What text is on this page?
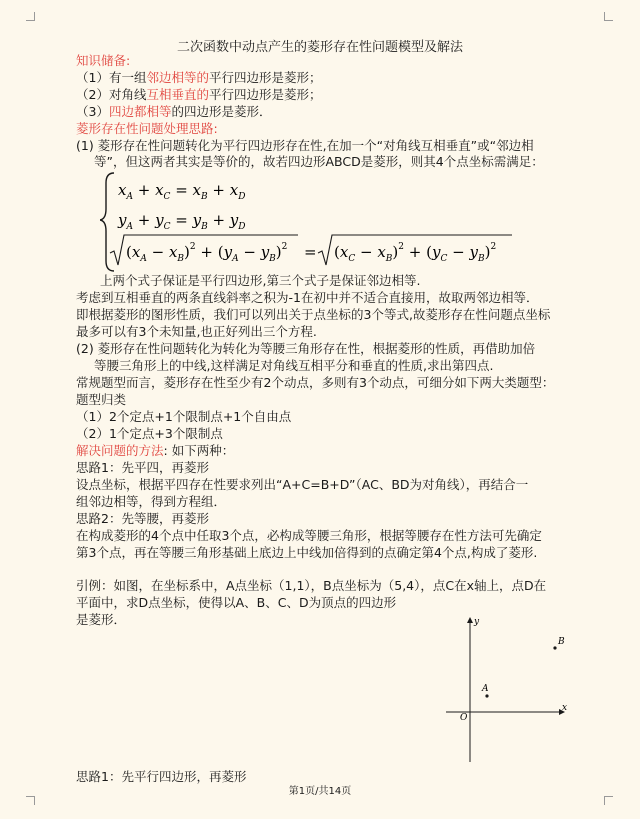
二次函数中动点产生的菱形存在性问题模型及解法
知识储备:
（1）有一组邻边相等的平行四边形是菱形；
（2）对角线互相垂直的平行四边形是菱形；
（3）四边都相等的四边形是菱形．
菱形存在性问题处理思路:
(1) 菱形存在性问题转化为平行四边形存在性,在加一个“对角线互相垂直”或“邻边相
等”，但这两者其实是等价的，故若四边形ABCD是菱形，则其4个点坐标需满足：
$x_A + x_C = x_B + x_D$
$y_A + y_C = y_B + y_D$
$(x_A - x_B)^2 + (y_A - y_B)^2 = (x_C - x_B)^2 + (y_C - y_B)^2$
上两个式子保证是平行四边形,第三个式子是保证邻边相等.
考虑到互相垂直的两条直线斜率之积为-1在初中并不适合直接用，故取两邻边相等．
即根据菱形的图形性质，我们可以列出关于点坐标的3个等式,故菱形存在性问题点坐标
最多可以有3个未知量,也正好列出三个方程.
(2) 菱形存在性问题转化为转化为等腰三角形存在性，根据菱形的性质，再借助加倍
等腰三角形上的中线,这样满足对角线互相平分和垂直的性质,求出第四点.
常规题型而言，菱形存在性至少有2个动点，多则有3个动点，可细分如下两大类题型：
题型归类
（1）2个定点+1个限制点+1个自由点
（2）1个定点+3个限制点
解决问题的方法: 如下两种：
思路1：先平四，再菱形
设点坐标，根据平四存在性要求列出“A+C=B+D”（AC、BD为对角线），再结合一
组邻边相等，得到方程组．
思路2：先等腰，再菱形
在构成菱形的4个点中任取3个点，必构成等腰三角形，根据等腰存在性方法可先确定
第3个点，再在等腰三角形基础上底边上中线加倍得到的点确定第4个点,构成了菱形.
引例：如图，在坐标系中，A点坐标（1,1），B点坐标为（5,4），点C在x轴上，点D在
平面中，求D点坐标，使得以A、B、C、D为顶点的四边形
是菱形．
x
y
O
A
B
第1页/共14页
思路1：先平行四边形，再菱形
